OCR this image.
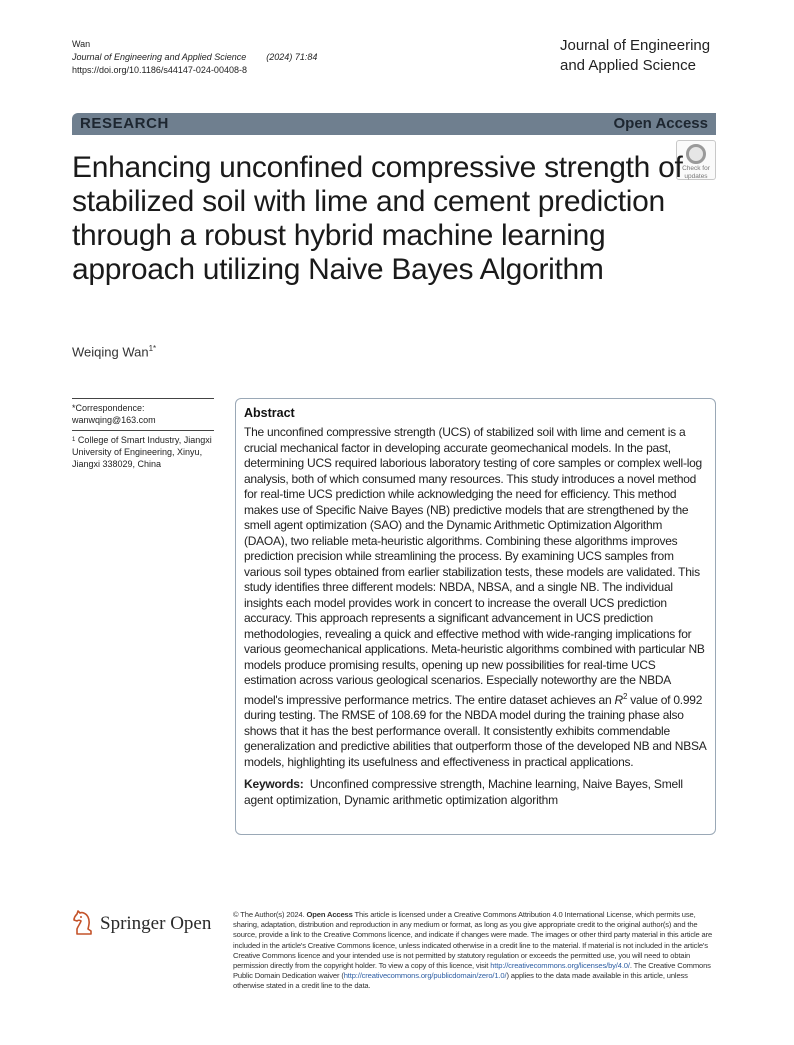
Wan
Journal of Engineering and Applied Science (2024) 71:84
https://doi.org/10.1186/s44147-024-00408-8
Journal of Engineering
and Applied Science
RESEARCH	Open Access
Check for
updates
Enhancing unconfined compressive strength of stabilized soil with lime and cement prediction through a robust hybrid machine learning approach utilizing Naive Bayes Algorithm
Weiqing Wan$^{1*}$
*Correspondence:
wanwqing@163.com
$^1$ College of Smart Industry, Jiangxi University of Engineering, Xinyu, Jiangxi 338029, China
Abstract

The unconfined compressive strength (UCS) of stabilized soil with lime and cement is a crucial mechanical factor in developing accurate geomechanical models. In the past, determining UCS required laborious laboratory testing of core samples or complex well-log analysis, both of which consumed many resources. This study introduces a novel method for real-time UCS prediction while acknowledging the need for efficiency. This method makes use of Specific Naive Bayes (NB) predictive models that are strengthened by the smell agent optimization (SAO) and the Dynamic Arithmetic Optimization Algorithm (DAOA), two reliable meta-heuristic algorithms. Combining these algorithms improves prediction precision while streamlining the process. By examining UCS samples from various soil types obtained from earlier stabilization tests, these models are validated. This study identifies three different models: NBDA, NBSA, and a single NB. The individual insights each model provides work in concert to increase the overall UCS prediction accuracy. This approach represents a significant advancement in UCS prediction methodologies, revealing a quick and effective method with wide-ranging implications for various geomechanical applications. Meta-heuristic algorithms combined with particular NB models produce promising results, opening up new possibilities for real-time UCS estimation across various geological scenarios. Especially noteworthy are the NBDA model's impressive performance metrics. The entire dataset achieves an $R^2$ value of 0.992 during testing. The RMSE of 108.69 for the NBDA model during the training phase also shows that it has the best performance overall. It consistently exhibits commendable generalization and predictive abilities that outperform those of the developed NB and NBSA models, highlighting its usefulness and effectiveness in practical applications.

Keywords: Unconfined compressive strength, Machine learning, Naive Bayes, Smell agent optimization, Dynamic arithmetic optimization algorithm

Springer Open	© The Author(s) 2024. Open Access This article is licensed under a Creative Commons Attribution 4.0 International License, which permits use, sharing, adaptation, distribution and reproduction in any medium or format, as long as you give appropriate credit to the original author(s) and the source, provide a link to the Creative Commons licence, and indicate if changes were made. The images or other third party material in this article are included in the article's Creative Commons licence, unless indicated otherwise in a credit line to the material. If material is not included in the article's Creative Commons licence and your intended use is not permitted by statutory regulation or exceeds the permitted use, you will need to obtain permission directly from the copyright holder. To view a copy of this licence, visit http://creativecommons.org/licenses/by/4.0/. The Creative Commons Public Domain Dedication waiver (http://creativecommons.org/publicdomain/zero/1.0/) applies to the data made available in this article, unless otherwise stated in a credit line to the data.
